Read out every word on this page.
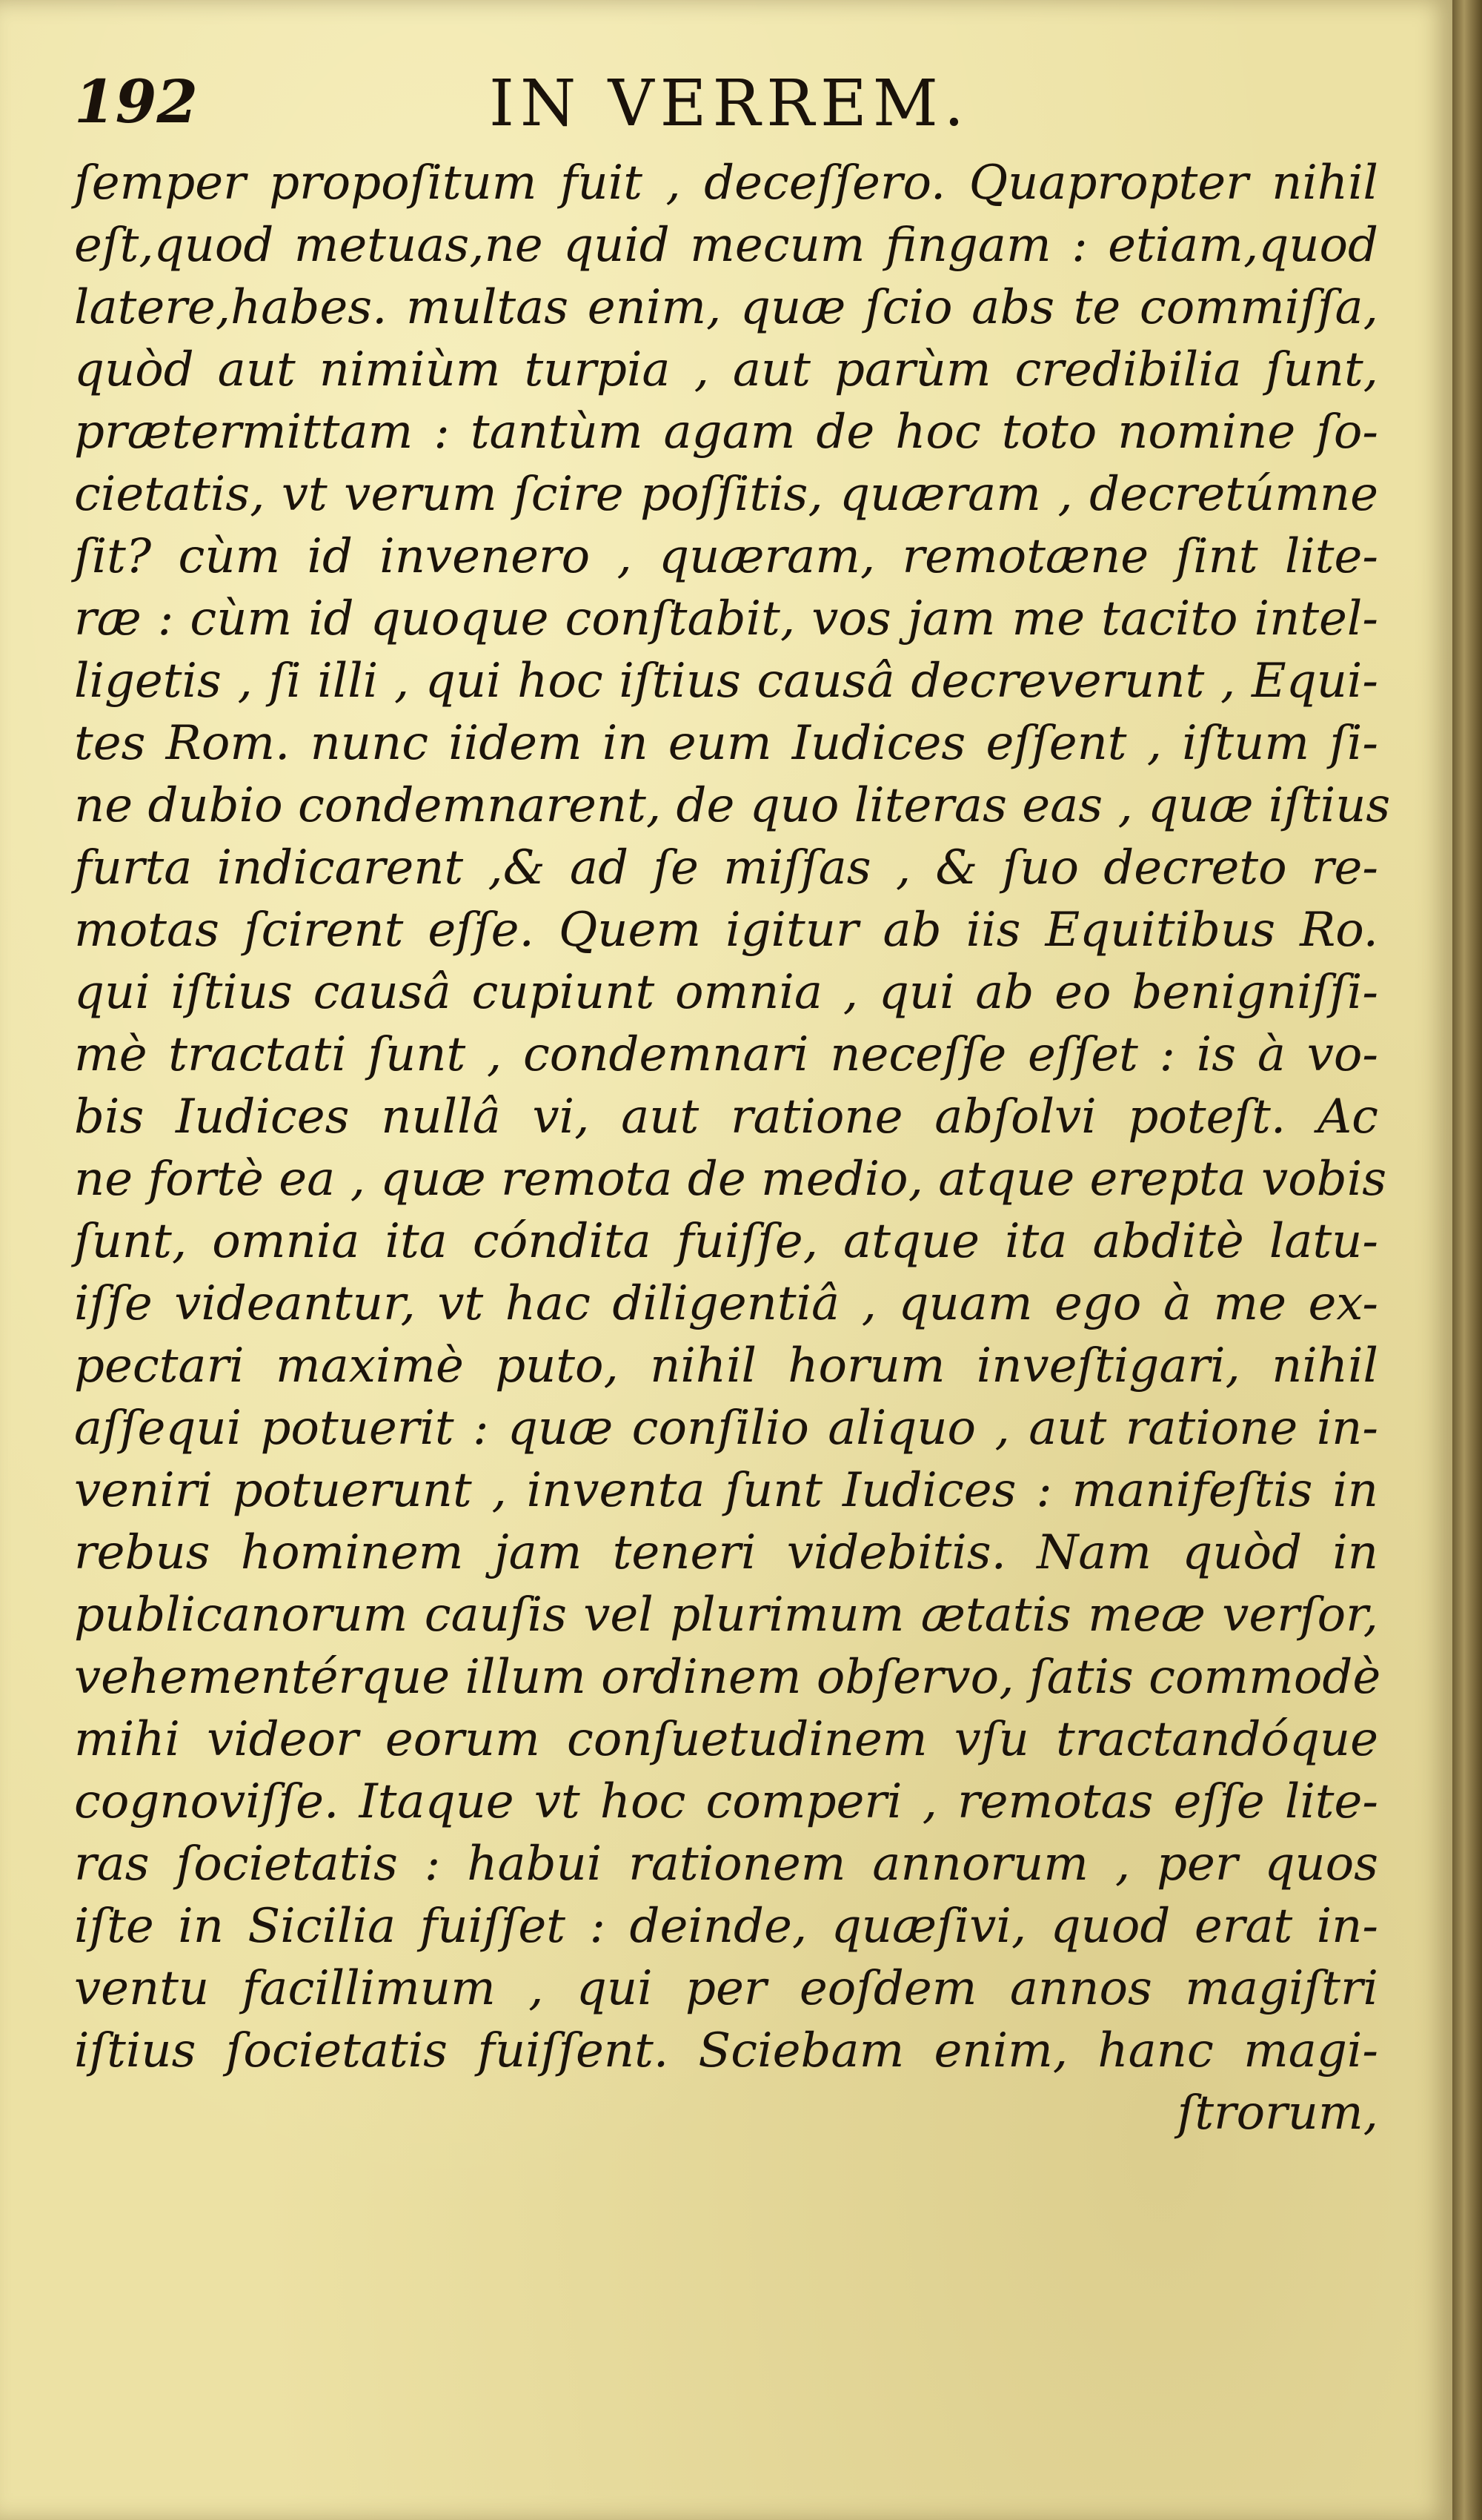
192	IN VERREM.
ſemper propoſitum fuit , deceſſero. Quapropter nihil
eſt,quod metuas,ne quid mecum fingam : etiam,quod
latere,habes. multas enim, quæ ſcio abs te commiſſa,
quòd aut nimiùm turpia , aut parùm credibilia ſunt,
prætermittam : tantùm agam de hoc toto nomine ſo-
cietatis, vt verum ſcire poſſitis, quæram , decretúmne
ſit? cùm id invenero , quæram, remotæne ſint lite-
ræ : cùm id quoque conſtabit, vos jam me tacito intel-
ligetis , ſi illi , qui hoc iſtius causâ decreverunt , Equi-
tes Rom. nunc iidem in eum Iudices eſſent , iſtum ſi-
ne dubio condemnarent, de quo literas eas , quæ iſtius
furta indicarent ,& ad ſe miſſas , & ſuo decreto re-
motas ſcirent eſſe. Quem igitur ab iis Equitibus Ro.
qui iſtius causâ cupiunt omnia , qui ab eo benigniſſi-
mè tractati ſunt , condemnari neceſſe eſſet : is à vo-
bis Iudices nullâ vi, aut ratione abſolvi poteſt. Ac
ne fortè ea , quæ remota de medio, atque erepta vobis
ſunt, omnia ita cóndita fuiſſe, atque ita abditè latu-
iſſe videantur, vt hac diligentiâ , quam ego à me ex-
pectari maximè puto, nihil horum inveſtigari, nihil
aſſequi potuerit : quæ conſilio aliquo , aut ratione in-
veniri potuerunt , inventa ſunt Iudices : manifeſtis in
rebus hominem jam teneri videbitis. Nam quòd in
publicanorum cauſis vel plurimum ætatis meæ verſor,
vehementérque illum ordinem obſervo, ſatis commodè
mihi videor eorum conſuetudinem vſu tractandóque
cognoviſſe. Itaque vt hoc comperi , remotas eſſe lite-
ras ſocietatis : habui rationem annorum , per quos
iſte in Sicilia fuiſſet : deinde, quæſivi, quod erat in-
ventu facillimum , qui per eoſdem annos magiſtri
iſtius ſocietatis fuiſſent. Sciebam enim, hanc magi-
ſtrorum,
